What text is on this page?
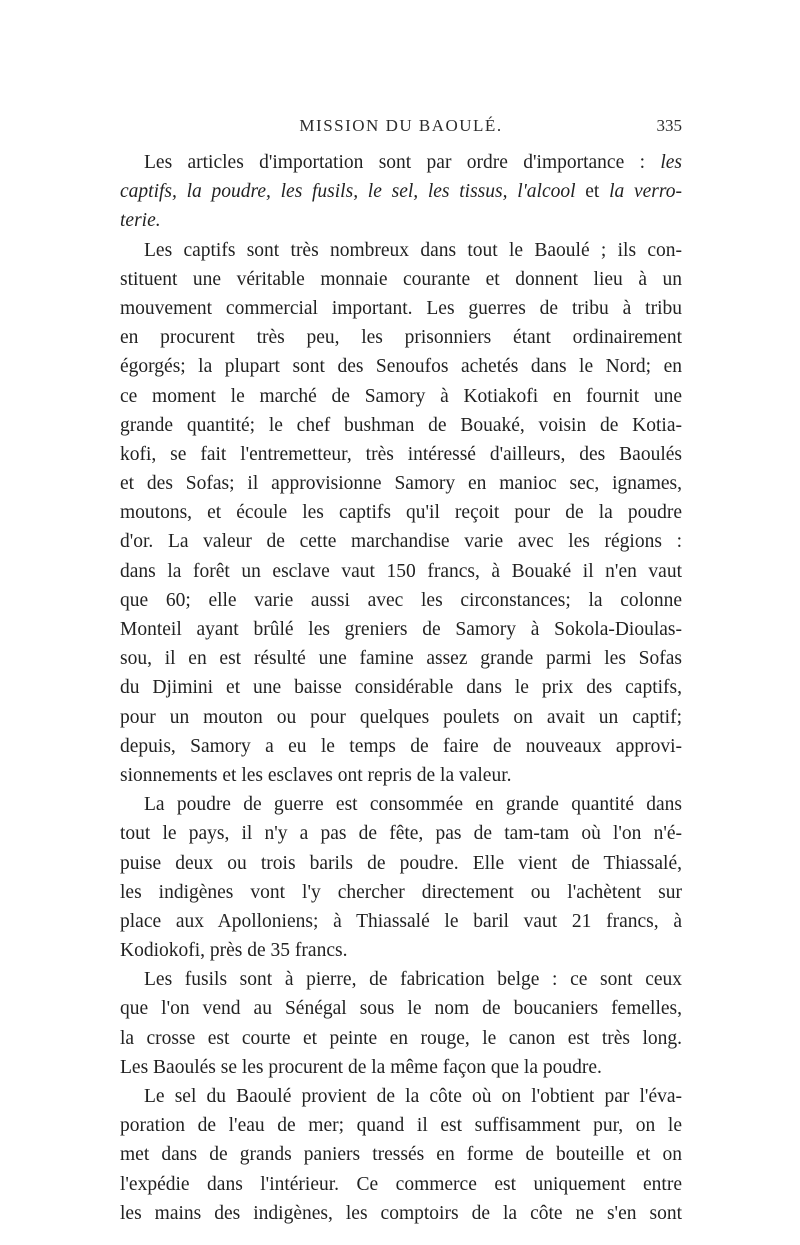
MISSION DU BAOULÉ.	335
Les articles d'importation sont par ordre d'importance : les
captifs, la poudre, les fusils, le sel, les tissus, l'alcool et la verro-
terie.
Les captifs sont très nombreux dans tout le Baoulé ; ils con-
stituent une véritable monnaie courante et donnent lieu à un
mouvement commercial important. Les guerres de tribu à tribu
en procurent très peu, les prisonniers étant ordinairement
égorgés; la plupart sont des Senoufos achetés dans le Nord; en
ce moment le marché de Samory à Kotiakofi en fournit une
grande quantité; le chef bushman de Bouaké, voisin de Kotia-
kofi, se fait l'entremetteur, très intéressé d'ailleurs, des Baoulés
et des Sofas; il approvisionne Samory en manioc sec, ignames,
moutons, et écoule les captifs qu'il reçoit pour de la poudre
d'or. La valeur de cette marchandise varie avec les régions :
dans la forêt un esclave vaut 150 francs, à Bouaké il n'en vaut
que 60; elle varie aussi avec les circonstances; la colonne
Monteil ayant brûlé les greniers de Samory à Sokola-Dioulas-
sou, il en est résulté une famine assez grande parmi les Sofas
du Djimini et une baisse considérable dans le prix des captifs,
pour un mouton ou pour quelques poulets on avait un captif;
depuis, Samory a eu le temps de faire de nouveaux approvi-
sionnements et les esclaves ont repris de la valeur.
La poudre de guerre est consommée en grande quantité dans
tout le pays, il n'y a pas de fête, pas de tam-tam où l'on n'é-
puise deux ou trois barils de poudre. Elle vient de Thiassalé,
les indigènes vont l'y chercher directement ou l'achètent sur
place aux Apolloniens; à Thiassalé le baril vaut 21 francs, à
Kodiokofi, près de 35 francs.
Les fusils sont à pierre, de fabrication belge : ce sont ceux
que l'on vend au Sénégal sous le nom de boucaniers femelles,
la crosse est courte et peinte en rouge, le canon est très long.
Les Baoulés se les procurent de la même façon que la poudre.
Le sel du Baoulé provient de la côte où on l'obtient par l'éva-
poration de l'eau de mer; quand il est suffisamment pur, on le
met dans de grands paniers tressés en forme de bouteille et on
l'expédie dans l'intérieur. Ce commerce est uniquement entre
les mains des indigènes, les comptoirs de la côte ne s'en sont
